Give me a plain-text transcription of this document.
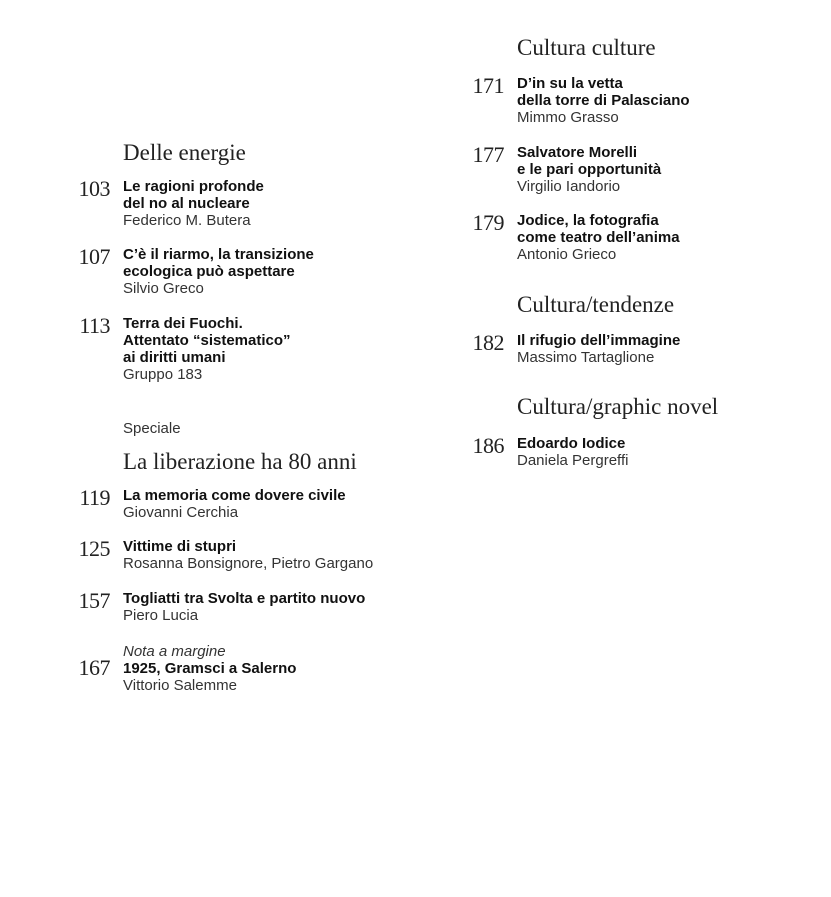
Delle energie
103 Le ragioni profonde
del no al nucleare
Federico M. Butera
107 C’è il riarmo, la transizione
ecologica può aspettare
Silvio Greco
113 Terra dei Fuochi.
Attentato “sistematico”
ai diritti umani
Gruppo 183
Speciale
La liberazione ha 80 anni
119 La memoria come dovere civile
Giovanni Cerchia
125 Vittime di stupri
Rosanna Bonsignore, Pietro Gargano
157 Togliatti tra Svolta e partito nuovo
Piero Lucia
Nota a margine
167 1925, Gramsci a Salerno
Vittorio Salemme
Cultura culture
171 D’in su la vetta
della torre di Palasciano
Mimmo Grasso
177 Salvatore Morelli
e le pari opportunità
Virgilio Iandorio
179 Jodice, la fotografia
come teatro dell’anima
Antonio Grieco
Cultura/tendenze
182 Il rifugio dell’immagine
Massimo Tartaglione
Cultura/graphic novel
186 Edoardo Iodice
Daniela Pergreffi
